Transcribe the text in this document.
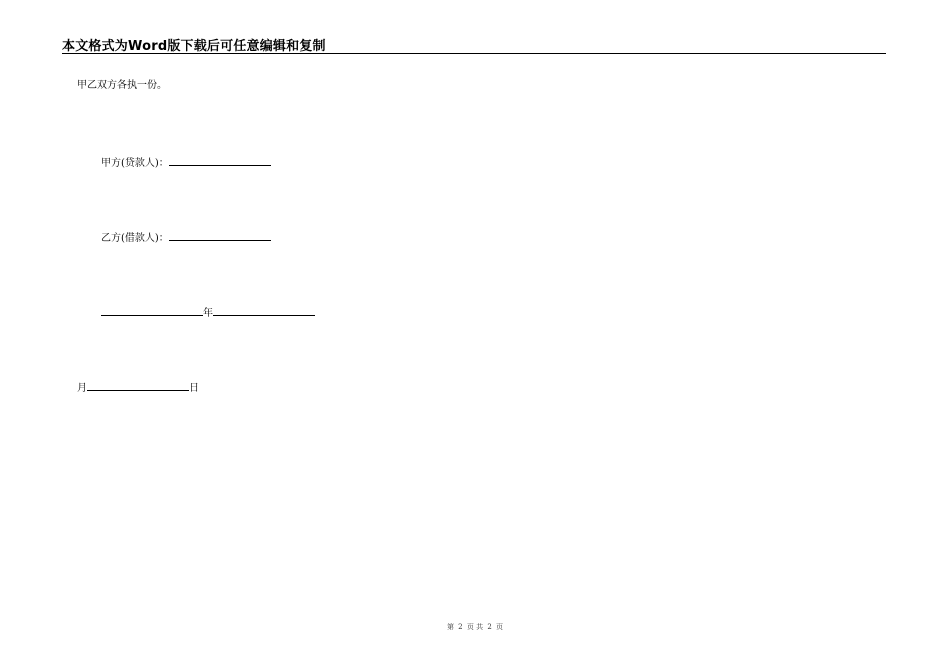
本文格式为Word版下载后可任意编辑和复制
甲乙双方各执一份。
甲方(贷款人)：
乙方(借款人)：
年
月	日
第 2 页 共 2 页
